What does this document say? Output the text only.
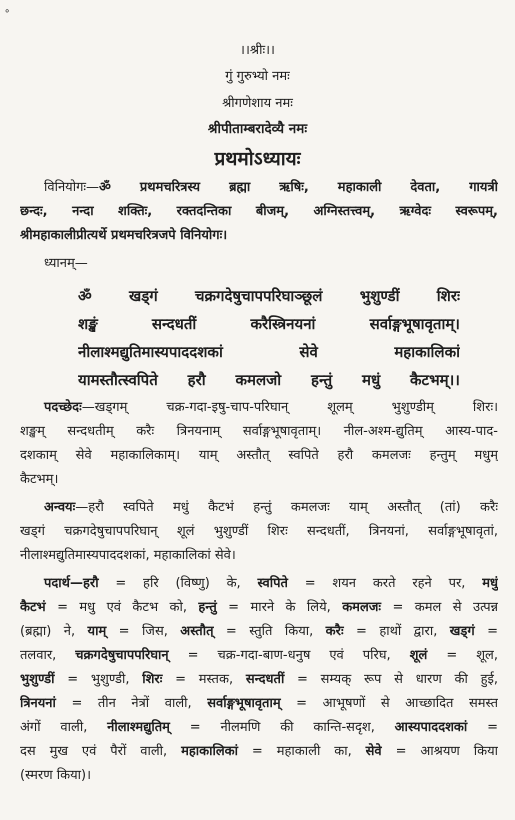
∘
।।श्रीः।।
गुं गुरुभ्यो नमः
श्रीगणेशाय नमः
श्रीपीताम्बरादेव्यै नमः
प्रथमोऽध्यायः
विनियोगः—ॐ प्रथमचरित्रस्य ब्रह्मा ऋषिः, महाकाली देवता, गायत्री
छन्दः, नन्दा शक्तिः, रक्तदन्तिका बीजम्, अग्निस्तत्त्वम्, ऋग्वेदः स्वरूपम्,
श्रीमहाकालीप्रीत्यर्थे प्रथमचरित्रजपे विनियोगः।
ध्यानम्—
ॐ खड्गं चक्रगदेषुचापपरिघाञ्छूलं भुशुण्डीं शिरः
शङ्खं सन्दधतीं करैस्त्रिनयनां सर्वाङ्गभूषावृताम्।
नीलाश्मद्युतिमास्यपाददशकां सेवे महाकालिकां
यामस्तौत्स्वपिते हरौ कमलजो हन्तुं मधुं कैटभम्।।
पदच्छेदः—खड्गम् चक्र-गदा-इषु-चाप-परिघान् शूलम् भुशुण्डीम् शिरः।
शङ्खम् सन्दधतीम् करैः त्रिनयनाम् सर्वाङ्गभूषावृताम्। नील-अश्म-द्युतिम् आस्य-पाद-
दशकाम् सेवे महाकालिकाम्। याम् अस्तौत् स्वपिते हरौ कमलजः हन्तुम् मधुम्
कैटभम्।
अन्वयः—हरौ स्वपिते मधुं कैटभं हन्तुं कमलजः याम् अस्तौत् (तां) करैः
खड्गं चक्रगदेषुचापपरिघान् शूलं भुशुण्डीं शिरः सन्दधतीं, त्रिनयनां, सर्वाङ्गभूषावृतां,
नीलाश्मद्युतिमास्यपाददशकां, महाकालिकां सेवे।
पदार्थ—हरौ = हरि (विष्णु) के, स्वपिते = शयन करते रहने पर, मधुं
कैटभं = मधु एवं कैटभ को, हन्तुं = मारने के लिये, कमलजः = कमल से उत्पन्न
(ब्रह्मा) ने, याम् = जिस, अस्तौत् = स्तुति किया, करैः = हाथों द्वारा, खड्गं =
तलवार, चक्रगदेषुचापपरिघान् = चक्र-गदा-बाण-धनुष एवं परिघ, शूलं = शूल,
भुशुण्डीं = भुशुण्डी, शिरः = मस्तक, सन्दधतीं = सम्यक् रूप से धारण की हुई,
त्रिनयनां = तीन नेत्रों वाली, सर्वाङ्गभूषावृताम् = आभूषणों से आच्छादित समस्त
अंगों वाली, नीलाश्मद्युतिम् = नीलमणि की कान्ति-सदृश, आस्यपाददशकां =
दस मुख एवं पैरों वाली, महाकालिकां = महाकाली का, सेवे = आश्रयण किया
(स्मरण किया)।
